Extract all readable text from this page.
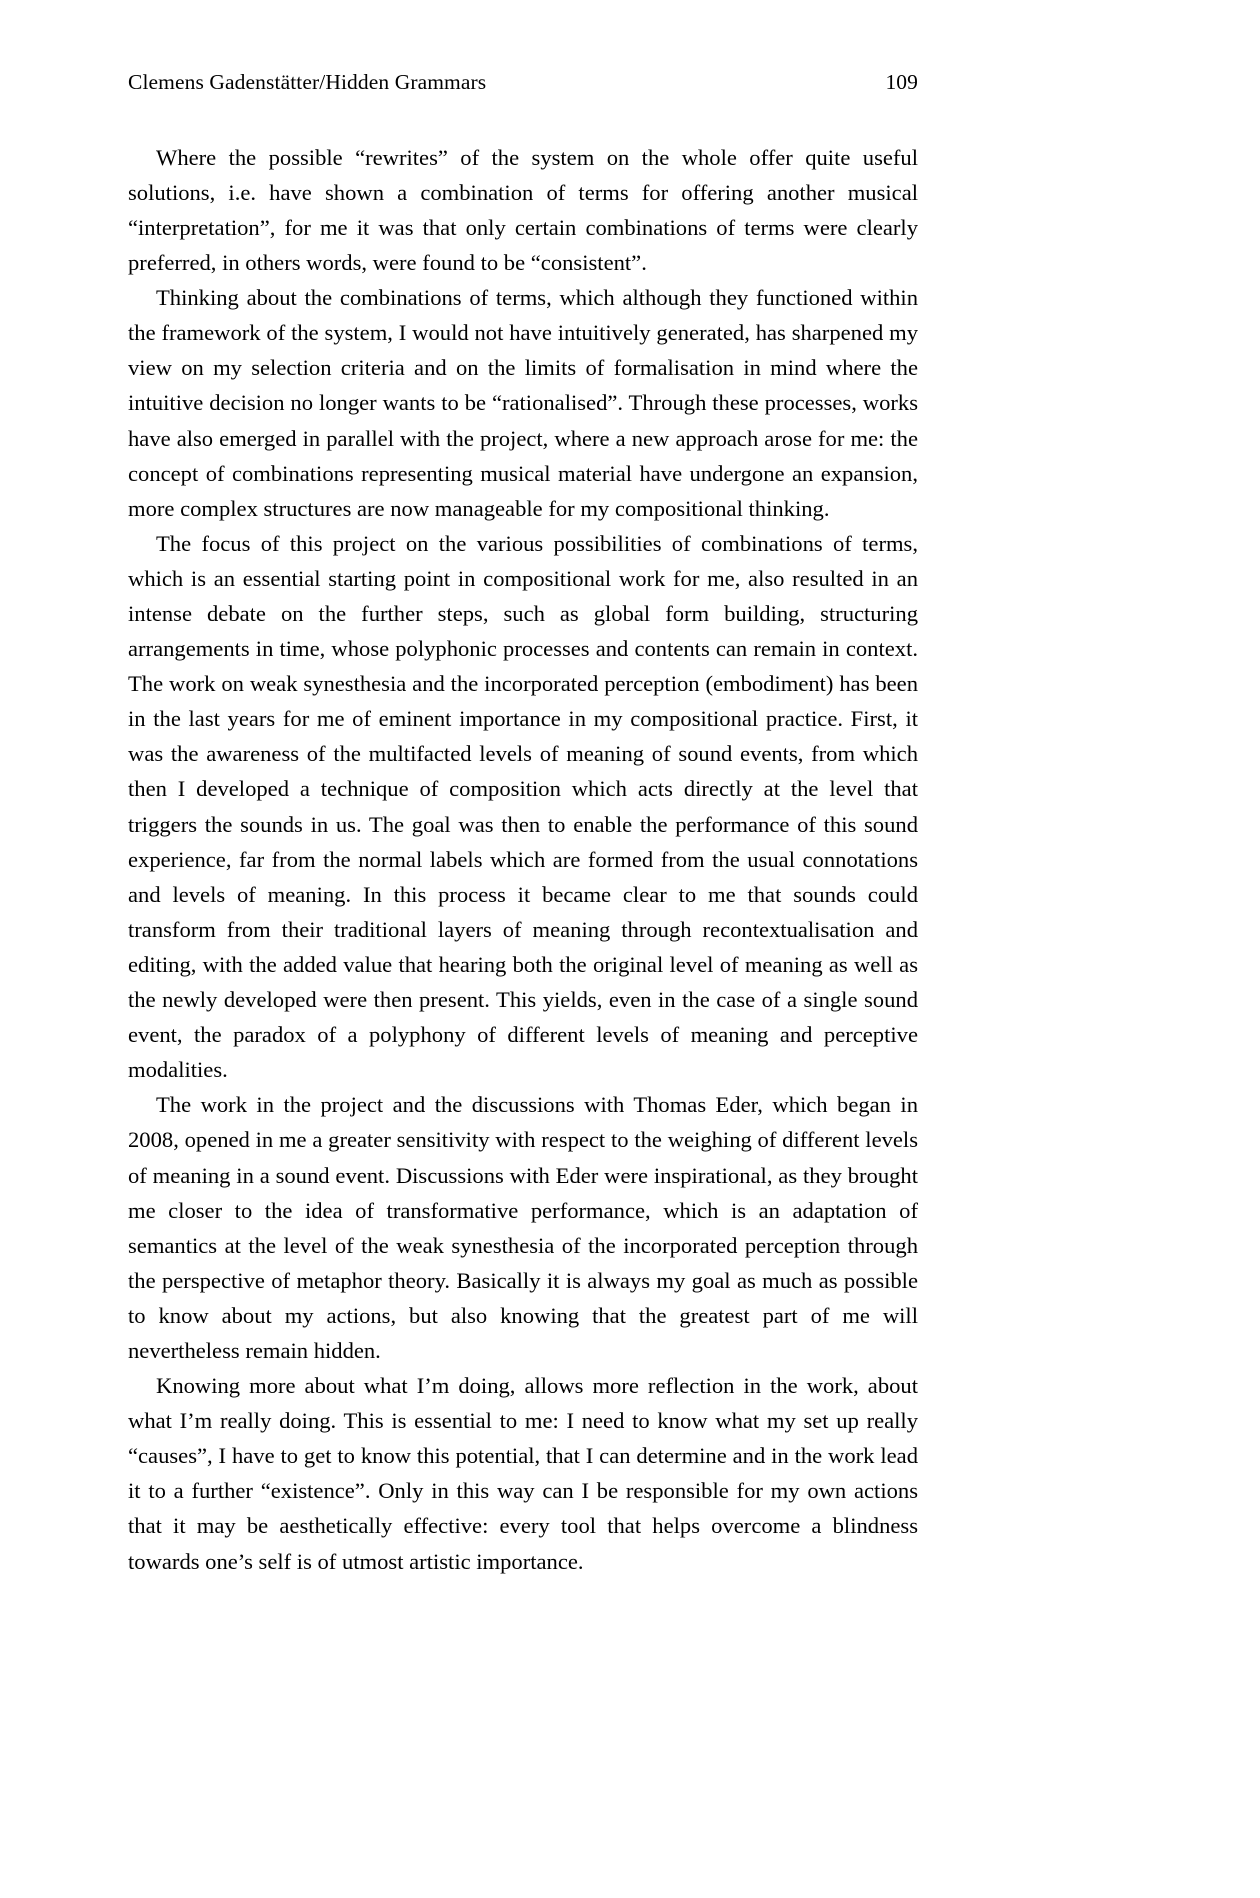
Clemens Gadenstätter/Hidden Grammars	109

Where the possible “rewrites” of the system on the whole offer quite useful solutions, i.e. have shown a combination of terms for offering another musical “interpretation”, for me it was that only certain combinations of terms were clearly preferred, in others words, were found to be “consistent”.

Thinking about the combinations of terms, which although they functioned within the framework of the system, I would not have intuitively generated, has sharpened my view on my selection criteria and on the limits of formalisation in mind where the intuitive decision no longer wants to be “rationalised”. Through these processes, works have also emerged in parallel with the project, where a new approach arose for me: the concept of combinations representing musical material have undergone an expansion, more complex structures are now manageable for my compositional thinking.

The focus of this project on the various possibilities of combinations of terms, which is an essential starting point in compositional work for me, also resulted in an intense debate on the further steps, such as global form building, structuring arrangements in time, whose polyphonic processes and contents can remain in context. The work on weak synesthesia and the incorporated perception (embodiment) has been in the last years for me of eminent importance in my compositional practice. First, it was the awareness of the multifacted levels of meaning of sound events, from which then I developed a technique of composition which acts directly at the level that triggers the sounds in us. The goal was then to enable the performance of this sound experience, far from the normal labels which are formed from the usual connotations and levels of meaning. In this process it became clear to me that sounds could transform from their traditional layers of meaning through recontextualisation and editing, with the added value that hearing both the original level of meaning as well as the newly developed were then present. This yields, even in the case of a single sound event, the paradox of a polyphony of different levels of meaning and perceptive modalities.

The work in the project and the discussions with Thomas Eder, which began in 2008, opened in me a greater sensitivity with respect to the weighing of different levels of meaning in a sound event. Discussions with Eder were inspirational, as they brought me closer to the idea of transformative performance, which is an adaptation of semantics at the level of the weak synesthesia of the incorporated perception through the perspective of metaphor theory. Basically it is always my goal as much as possible to know about my actions, but also knowing that the greatest part of me will nevertheless remain hidden.

Knowing more about what I’m doing, allows more reflection in the work, about what I’m really doing. This is essential to me: I need to know what my set up really “causes”, I have to get to know this potential, that I can determine and in the work lead it to a further “existence”. Only in this way can I be responsible for my own actions that it may be aesthetically effective: every tool that helps overcome a blindness towards one’s self is of utmost artistic importance.
